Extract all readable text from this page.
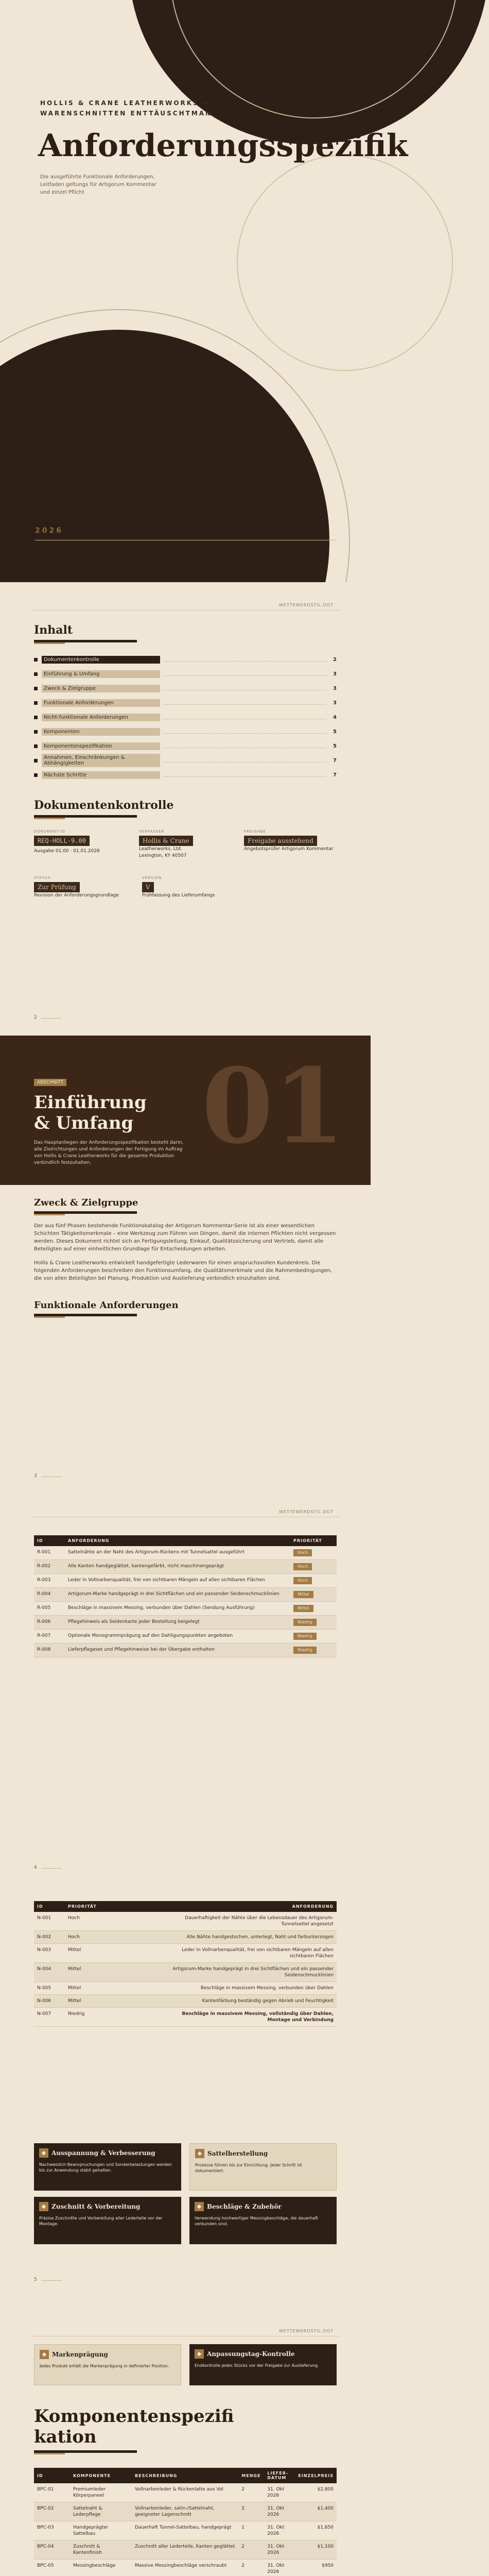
HOLLIS & CRANE LEATHERWORKS —
WARENSCHNITTEN ENTTÄUSCHTMAN
Anforderungsspezifik
Die ausgeführte Funktionale Anforderungen, Leitfaden geltungs für Artigorum Kommentar und einzel Pflicht
2026
WETTEWERDSTIL.DOT
Inhalt
Dokumentenkontrolle	2
Einführung & Umfang	3
Zweck & Zielgruppe	3
Funktionale Anforderungen	3
Nicht-funktionale Anforderungen	4
Komponenten	5
Komponentenspezifikation	5
Annahmen, Einschränkungen & Abhängigkeiten	7
Nächste Schritte	7
Dokumentenkontrolle
DOKUMENT-ID
REQ-HOLL-9.00
Ausgabe 01.00 · 01.01.2026
VERFASSER
Hollis & Crane
Leatherworks, Ltd.
Lexington, KY 40507
FREIGABE
Freigabe ausstehend
Angebotsprüfer Artigorum Kommentar
STATUS
Zur Prüfung
Revision der Anforderungsgrundlage
VERSION
V
Frühfassung des Lieferumfangs
2
01
ABSCHNITT
Einführung
& Umfang
Das Hauptanliegen der Anforderungsspezifikation besteht darin, alle Zielrichtungen und Anforderungen der Fertigung im Auftrag von Hollis & Crane Leatherworks für die gesamte Produktion verbindlich festzuhalten.
Zweck & Zielgruppe

Der aus fünf Phasen bestehende Funktionskatalog der Artigorum Kommentar-Serie ist als einer wesentlichen Schichten Tätigkeitsmerkmale – eine Werkzeug zum Führen von Dingen, damit die internen Pflichten nicht vergessen werden. Dieses Dokument richtet sich an Fertigungsleitung, Einkauf, Qualitätssicherung und Vertrieb, damit alle Beteiligten auf einer einheitlichen Grundlage für Entscheidungen arbeiten.

Hollis & Crane Leatherworks entwickelt handgefertigte Lederwaren für einen anspruchsvollen Kundenkreis. Die folgenden Anforderungen beschreiben den Funktionsumfang, die Qualitätsmerkmale und die Rahmenbedingungen, die von allen Beteiligten bei Planung, Produktion und Auslieferung verbindlich einzuhalten sind.

Funktionale Anforderungen
3
WETTEWERDSTIL.DOT
ID	ANFORDERUNG	PRIORITÄT
R-001	Sattelnähte an der Naht des Artigorum-Rückens mit Tunnelsattel ausgeführt	Hoch
R-002	Alle Kanten handgeglättet, kantengefärbt, nicht maschinengeprägt	Hoch
R-003	Leder in Vollnarbenqualität, frei von sichtbaren Mängeln auf allen sichtbaren Flächen	Hoch
R-004	Artigorum-Marke handgeprägt in drei Sichtflächen und ein passender Seidenschmucklinien	Mittel
R-005	Beschläge in massivem Messing, verbunden über Dahlen (Sendung Ausführung)	Mittel
R-006	Pflegehinweis als Seidenkarte jeder Bestellung beigelegt	Niedrig
R-007	Optionale Monogrammprägung auf den Dahligungspunkten angeboten	Niedrig
R-008	Lieferpflegeset und Pflegehinweise bei der Übergabe enthalten	Niedrig
4
ID	PRIORITÄT	ANFORDERUNG
N-001	Hoch	Dauerhaftigkeit der Nähte über die Lebensdauer des Artigorum-Tunnelsattel angesetzt
N-002	Hoch	Alle Nähte handgestochen, unterlegt, Naht und farbunterzogen
N-003	Mittel	Leder in Vollnarbenqualität, frei von sichtbaren Mängeln auf allen sichtbaren Flächen
N-004	Mittel	Artigorum-Marke handgeprägt in drei Sichtflächen und ein passender Seidenschmucklinien
N-005	Mittel	Beschläge in massivem Messing, verbunden über Dahlen
N-006	Mittel	Kantenfärbung beständig gegen Abrieb und Feuchtigkeit
N-007	Niedrig	Beschläge in massivem Messing, vollständig über Dahlen, Montage und Verbindung
◆ Ausspannung & Verbesserung
Nachweislich Beanspruchungen und Sonderbelastungen werden bis zur Anwendung stabil gehalten.
◆ Sattelherstellung
Prozesse führen bis zur Einrichtung. Jeder Schritt ist dokumentiert.
◆ Zuschnitt & Vorbereitung
Präzise Zuschnitte und Vorbereitung aller Lederteile vor der Montage.
◆ Beschläge & Zubehör
Verwendung hochwertiger Messingbeschläge, die dauerhaft verbunden sind.
5
WETTEWERDSTIL.DOT
◆ Markenprägung
Jedes Produkt erhält die Markenprägung in definierter Position.
◆ Anpassungstag-Kontrolle
Endkontrolle jedes Stücks vor der Freigabe zur Auslieferung.
Komponentenspezifi
kation
ID	KOMPONENTE	BESCHREIBUNG	MENGE	LIEFER-DATUM	EINZELPREIS
BPC-01	Premiumleder Körperpaneel	Vollnarbenleder & Rückenlatte aus Vol	2	31. Okt 2026	$2,800
BPC-02	Sattelnaht & Lederpflege	Vollnarbenleder, satin-/Sattelnaht, geeigneter Lagenschnitt	2	31. Okt 2026	$1,400
BPC-03	Handgeprägter Sattelbau	Dauerhaft Tunnel-Sattelbau, handgeprägt	1	31. Okt 2026	$1,650
BPC-04	Zuschnitt & Kantenfinish	Zuschnitt aller Lederteile, Kanten geglättet	2	31. Okt 2026	$1,100
BPC-05	Messingbeschläge	Massive Messingbeschläge verschraubt	2	31. Okt 2026	$950
